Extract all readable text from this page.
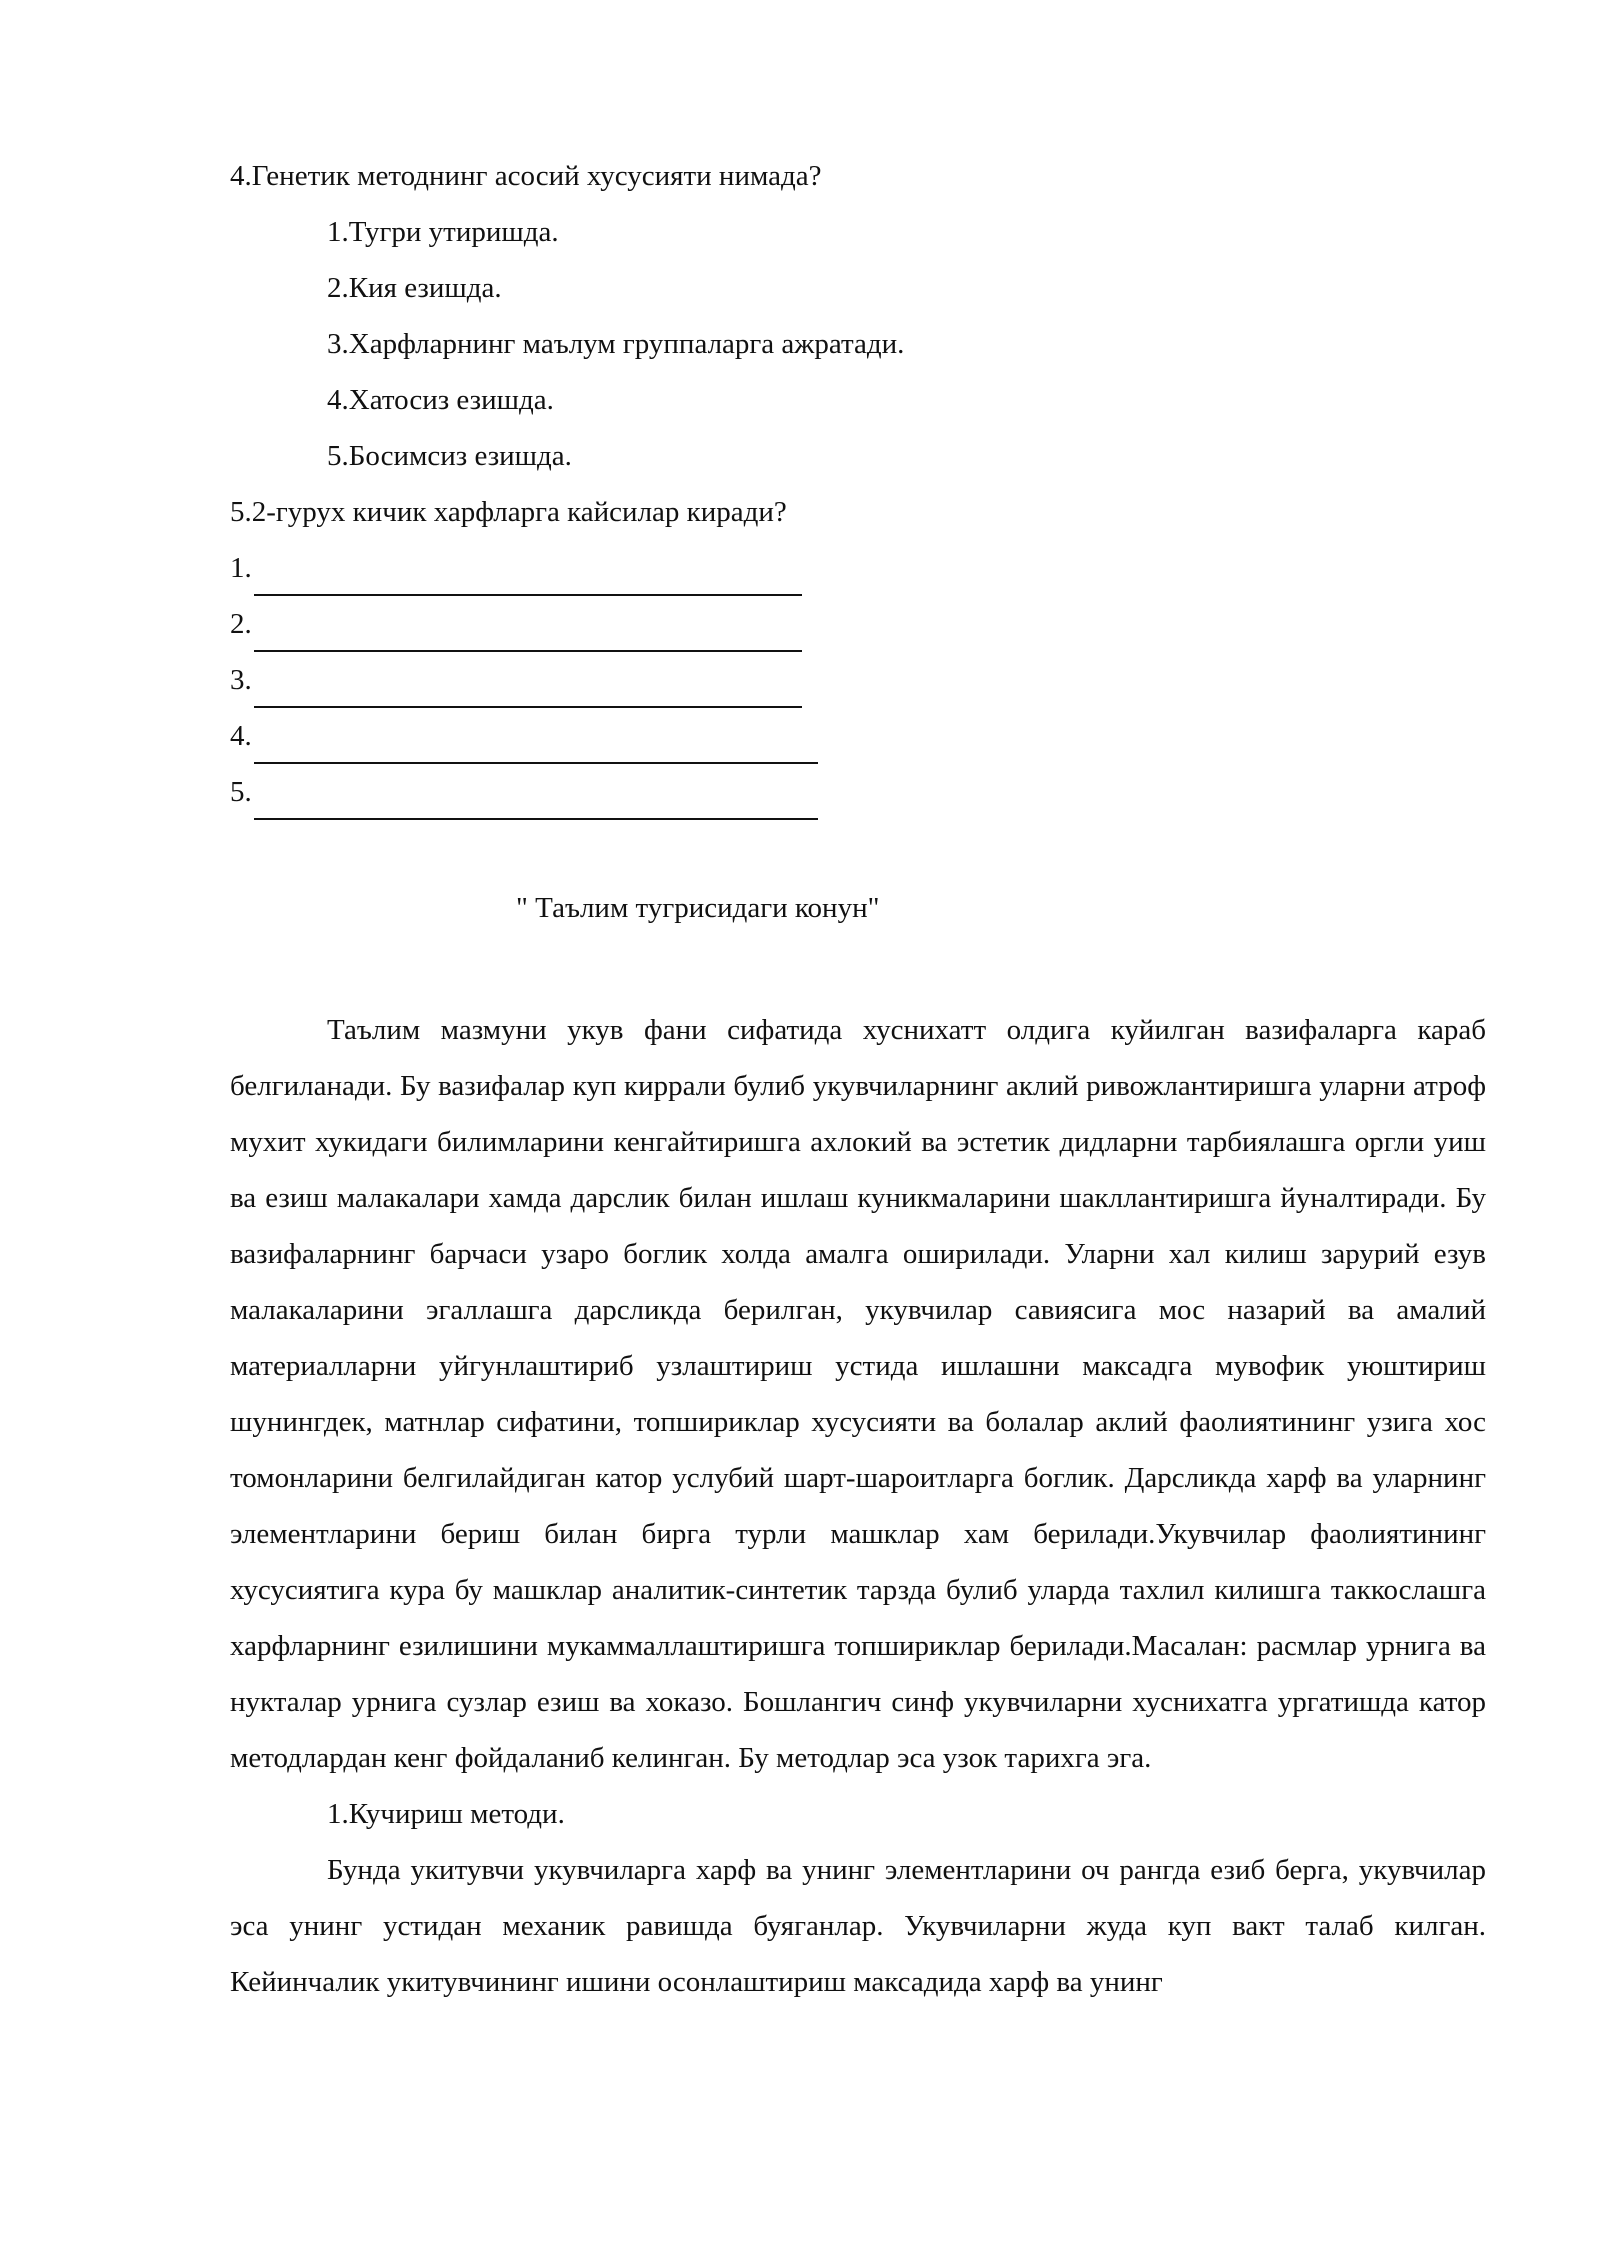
4.Генетик методнинг асосий хусусияти нимада?

1.Тугри утиришда.

2.Кия езишда.

3.Харфларнинг маълум группаларга ажратади.

4.Хатосиз езишда.

5.Босимсиз езишда.

5.2-гурух кичик харфларга кайсилар киради?

1.
2.
3.
4.
5.

" Таълим тугрисидаги конун"

Таълим мазмуни укув фани сифатида хуснихатт олдига куйилган вазифаларга караб белгиланади. Бу вазифалар куп киррали булиб укувчиларнинг аклий ривожлантиришга уларни атроф мухит хукидаги билимларини кенгайтиришга ахлокий ва эстетик дидларни тарбиялашга оргли уиш ва езиш малакалари хамда дарслик билан ишлаш куникмаларини шакллантиришга йуналтиради. Бу вазифаларнинг барчаси узаро боглик холда амалга оширилади. Уларни хал килиш зарурий езув малакаларини эгаллашга дарсликда берилган, укувчилар савиясига мос назарий ва амалий материалларни уйгунлаштириб узлаштириш устида ишлашни максадга мувофик уюштириш шунингдек, матнлар сифатини, топшириклар хусусияти ва болалар аклий фаолиятининг узига хос томонларини белгилайдиган катор услубий шарт-шароитларга боглик. Дарсликда харф ва уларнинг элементларини бериш билан бирга турли машклар хам берилади.Укувчилар фаолиятининг хусусиятига кура бу машклар аналитик-синтетик тарзда булиб уларда тахлил килишга таккослашга харфларнинг езилишини мукаммаллаштиришга топшириклар берилади.Масалан: расмлар урнига ва нукталар урнига сузлар езиш ва хоказо. Бошлангич синф укувчиларни хуснихатга ургатишда катор методлардан кенг фойдаланиб келинган. Бу методлар эса узок тарихга эга.

1.Кучириш методи.

Бунда укитувчи укувчиларга харф ва унинг элементларини оч рангда езиб берга, укувчилар эса унинг устидан механик равишда буяганлар. Укувчиларни жуда куп вакт талаб килган. Кейинчалик укитувчининг ишини осонлаштириш максадида харф ва унинг
